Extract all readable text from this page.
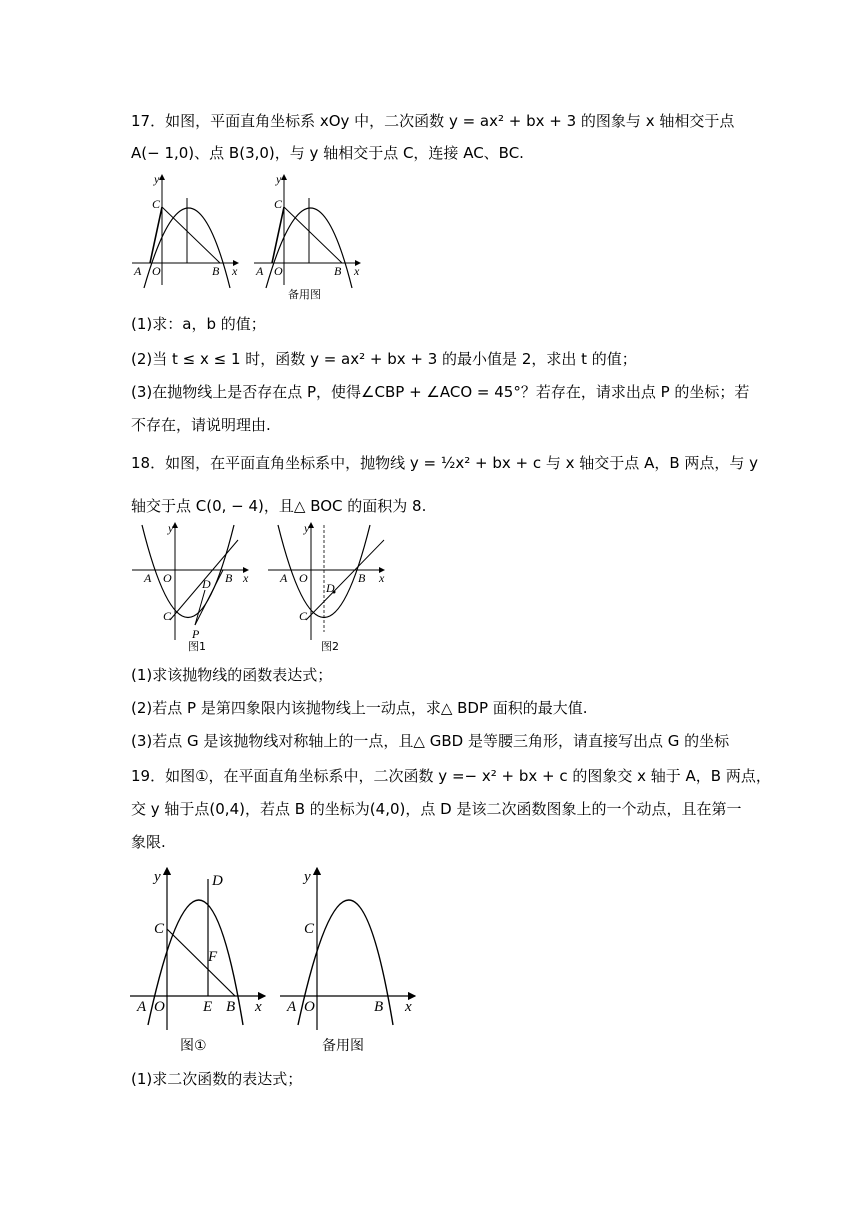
17．如图，平面直角坐标系 xOy 中，二次函数 y = ax² + bx + 3 的图象与 x 轴相交于点
A(− 1,0)、点 B(3,0)，与 y 轴相交于点 C，连接 AC、BC.
y
C
A O	B x
y
C
A O	B x
备用图
(1)求：a，b 的值；
(2)当 t ≤ x ≤ 1 时，函数 y = ax² + bx + 3 的最小值是 2，求出 t 的值；
(3)在抛物线上是否存在点 P，使得∠CBP + ∠ACO = 45°？若存在，请求出点 P 的坐标；若
不存在，请说明理由.
18．如图，在平面直角坐标系中，抛物线 y = ½x² + bx + c 与 x 轴交于点 A，B 两点，与 y
轴交于点 C(0, − 4)，且△ BOC 的面积为 8.
y
A O	B x
D
C
P
图1
y
A O	B x
D
C
图2
(1)求该抛物线的函数表达式；
(2)若点 P 是第四象限内该抛物线上一动点，求△ BDP 面积的最大值.
(3)若点 G 是该抛物线对称轴上的一点，且△ GBD 是等腰三角形，请直接写出点 G 的坐标
19．如图①，在平面直角坐标系中，二次函数 y =− x² + bx + c 的图象交 x 轴于 A，B 两点，
交 y 轴于点(0,4)，若点 B 的坐标为(4,0)，点 D 是该二次函数图象上的一个动点，且在第一
象限.
y	D
C
F
A O	E B x
图①
y
C
A O	B x
备用图
(1)求二次函数的表达式；
